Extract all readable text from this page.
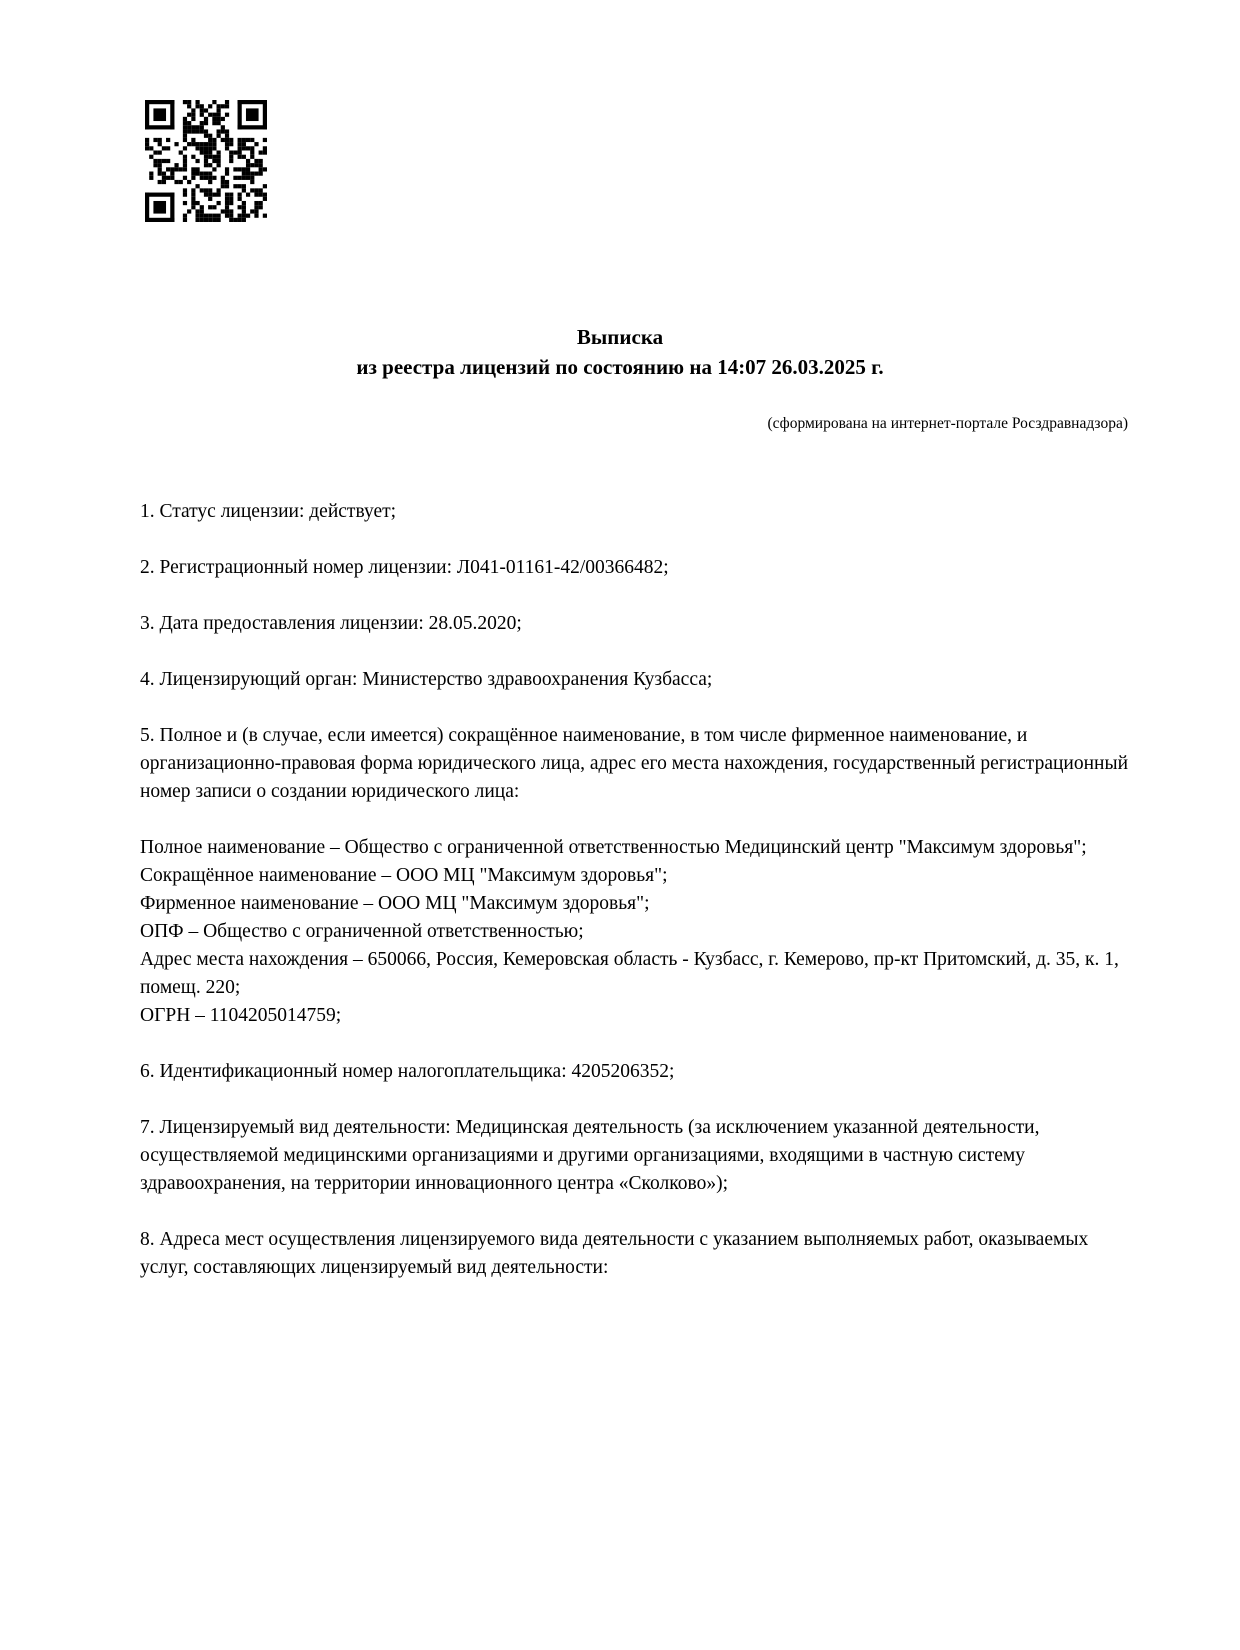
Выписка
из реестра лицензий по состоянию на 14:07 26.03.2025 г.
(сформирована на интернет-портале Росздравнадзора)

1. Статус лицензии: действует;

2. Регистрационный номер лицензии: Л041-01161-42/00366482;

3. Дата предоставления лицензии: 28.05.2020;

4. Лицензирующий орган: Министерство здравоохранения Кузбасса;

5. Полное и (в случае, если имеется) сокращённое наименование, в том числе фирменное наименование, и организационно-правовая форма юридического лица, адрес его места нахождения, государственный регистрационный номер записи о создании юридического лица:

Полное наименование – Общество с ограниченной ответственностью Медицинский центр "Максимум здоровья";
Сокращённое наименование – ООО МЦ "Максимум здоровья";
Фирменное наименование – ООО МЦ "Максимум здоровья";
ОПФ – Общество с ограниченной ответственностью;
Адрес места нахождения – 650066, Россия, Кемеровская область - Кузбасс, г. Кемерово, пр-кт Притомский, д. 35, к. 1, помещ. 220;
ОГРН – 1104205014759;

6. Идентификационный номер налогоплательщика: 4205206352;

7. Лицензируемый вид деятельности: Медицинская деятельность (за исключением указанной деятельности, осуществляемой медицинскими организациями и другими организациями, входящими в частную систему здравоохранения, на территории инновационного центра «Сколково»);

8. Адреса мест осуществления лицензируемого вида деятельности с указанием выполняемых работ, оказываемых услуг, составляющих лицензируемый вид деятельности:
